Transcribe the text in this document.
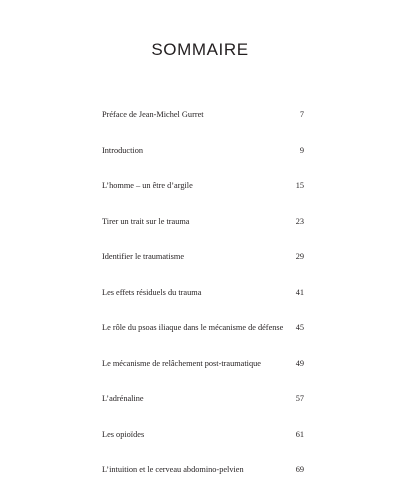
SOMMAIRE
Préface de Jean-Michel Gurret	7
Introduction	9
L’homme – un être d’argile	15
Tirer un trait sur le trauma	23
Identifier le traumatisme	29
Les effets résiduels du trauma	41
Le rôle du psoas iliaque dans le mécanisme de défense 45
Le mécanisme de relâchement post-traumatique	49
L’adrénaline	57
Les opioïdes	61
L’intuition et le cerveau abdomino-pelvien	69
